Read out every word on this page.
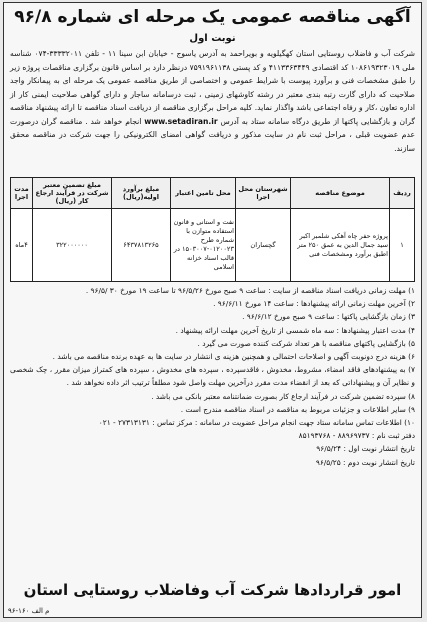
آگهی مناقصه عمومی یک مرحله ای شماره ۹۶/۸
نوبت اول
شرکت آب و فاضلاب روستایی استان کهگیلویه و بویراحمد به آدرس یاسوج - خیابان ابن سینا ۱۱ - تلفن ۳۳۳۳۲۰۱۱-۰۷۴ شناسه ملی ۱۰۸۶۱۹۳۲۳۰۱۹ کد اقتصادی ۴۱۱۳۳۶۳۴۴۹ و کد پستی ۷۵۹۱۹۶۱۱۳۸ درنظر دارد بر اساس قانون برگزاری مناقصات پروژه زیر را طبق مشخصات فنی و برآورد پیوست با شرایط عمومی و اختصاصی از طریق مناقصه عمومی یک مرحله ای به پیمانکار واجد صلاحیت که دارای گارت رتبه بندی معتبر در رشته کاوشهای زمینی ، ثبت درسامانه ساجار و دارای گواهی صلاحیت ایمنی کار از اداره تعاون ،کار و رفاه اجتماعی باشد واگذار نماید. کلیه مراحل برگزاری مناقصه از دریافت اسناد مناقصه تا ارائه پیشنهاد مناقصه گران و بازگشایی پاکتها از طریق درگاه سامانه ستاد به آدرس www.setadiran.ir انجام خواهد شد . مناقصه گران درصورت عدم عضویت قبلی ، مراحل ثبت نام در سایت مذکور و دریافت گواهی امضای الکترونیکی را جهت شرکت در مناقصه محقق سازند.
ردیف	موضوع مناقصه	شهرستان محل اجرا	محل تامین اعتبار	مبلغ برآورد اولیه(ریال)	مبلغ تضمین معتبر شرکت در فرآیند ارجاع کار (ریال)	مدت اجرا
۱	پروژه حفر چاه آهکی شلمبر اکبر سید جمال الدین به عمق ۲۵۰ متر اطبق برآورد ومشخصات فنی	گچساران	نفت و استانی و قانون استفاده متوازن با شماره طرح ۰۱۲۰۰۲۳-۱۵۰۳۰۰۷ در قالب اسناد خزانه اسلامی	۶۴۳۷۸۱۳۲۶۵	۳۲۲۰۰۰۰۰۰	۴ماه
۱) مهلت زمانی دریافت اسناد مناقصه از سایت : ساعت ۹ صبح مورخ ۹۶/۵/۲۶ تا ساعت ۱۹ مورخ ۳۰ /۹۶/۵ .
۲) آخرین مهلت زمانی ارائه پیشنهادها : ساعت ۱۴ مورخ ۹۶/۶/۱۱ .
۳) زمان بازگشایی پاکتها : ساعت ۹ صبح مورخ ۹۶/۶/۱۲ .
۴) مدت اعتبار پیشنهادها : سه ماه شمسی از تاریخ آخرین مهلت ارائه پیشنهاد .
۵) بازگشایی پاکتهای مناقصه با هر تعداد شرکت کننده صورت می گیرد .
۶) هزینه درج دونوبت آگهی و اصلاحات احتمالی و همچنین هزینه ی انتشار در سایت ها به عهده برنده مناقصه می باشد .
۷) به پیشنهادهای فاقد امضاء، مشروط، مخدوش ، فاقدسپرده ، سپرده های مخدوش ، سپرده های کمتراز میزان مقرر ، چک شخصی و نظایر آن و پیشنهاداتی که بعد از انقضاء مدت مقرر درآخرین مهلت واصل شود مطلقاً ترتیب اثر داده نخواهد شد .
۸) سپرده تضمین شرکت در فرآیند ارجاع کار بصورت ضمانتنامه معتبر بانکی می باشد .
۹) سایر اطلاعات و جزئیات مربوط به مناقصه در اسناد مناقصه مندرج است .
۱۰) اطلاعات تماس سامانه ستاد جهت انجام مراحل عضویت در سامانه : مرکز تماس : ۲۷۳۱۳۱۳۱ - ۰۲۱
دفتر ثبت نام : ۸۸۹۶۹۷۳۷ - ۸۵۱۹۳۷۶۸
تاریخ انتشار نوبت اول : ۹۶/۵/۲۴
تاریخ انتشار نوبت دوم : ۹۶/۵/۲۵
امور قراردادها شرکت آب وفاضلاب روستایی استان
م الف ۱۶۰-۹۶
